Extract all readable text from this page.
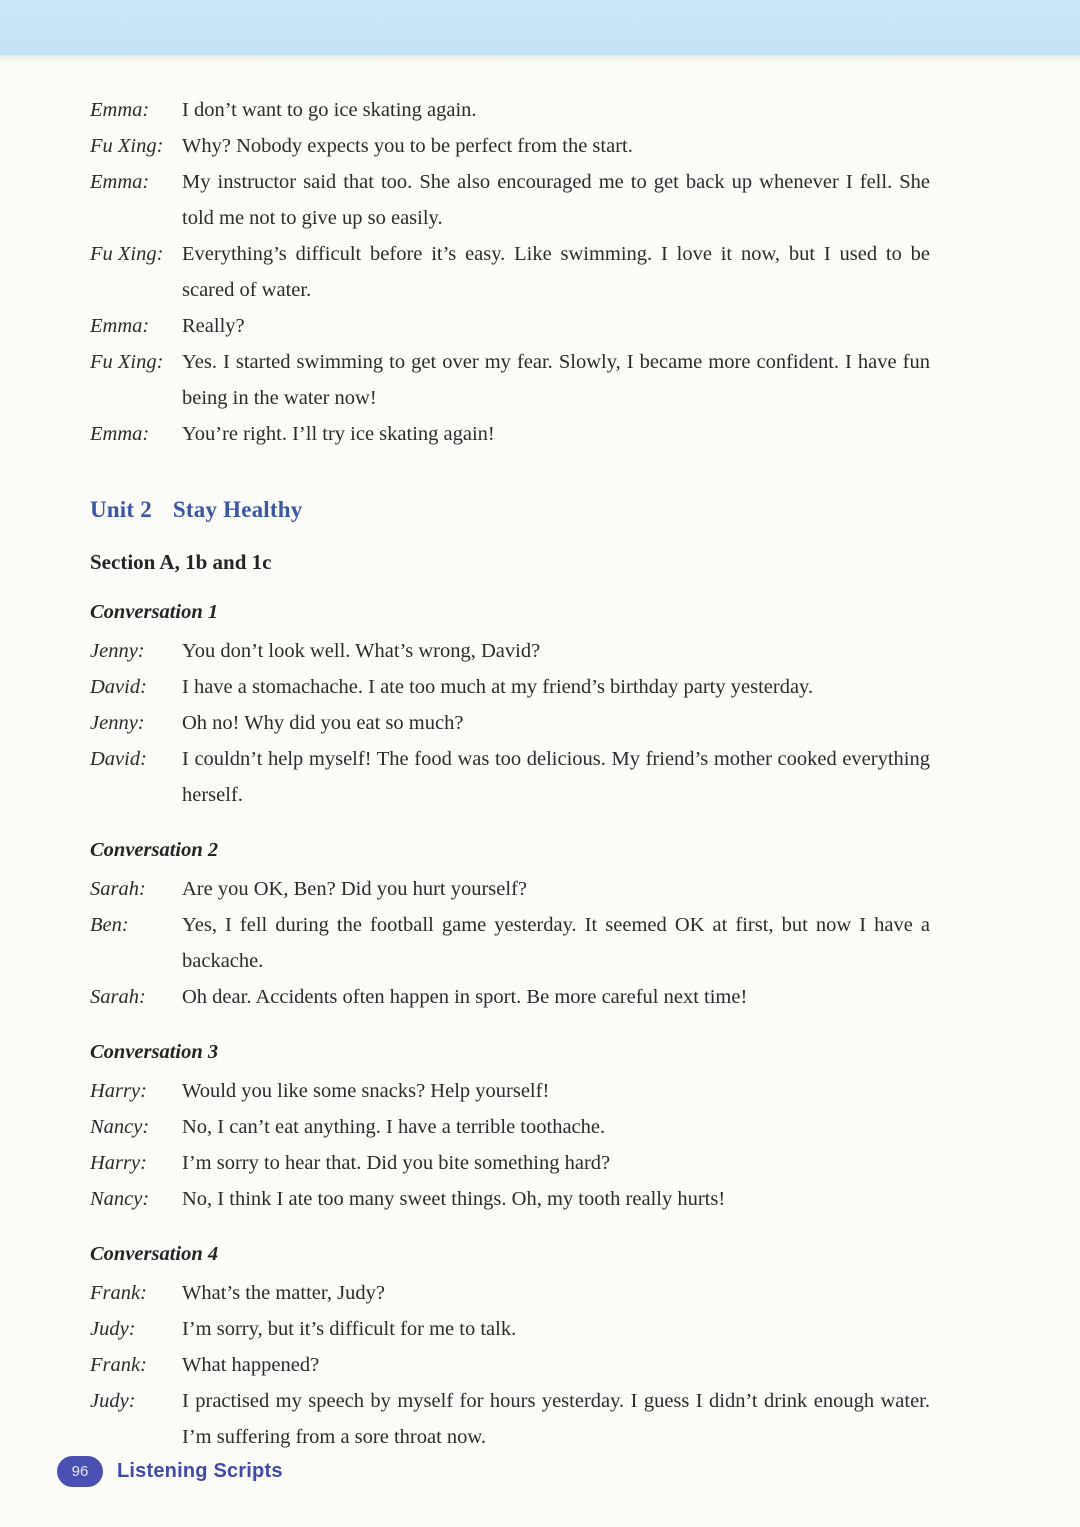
Emma:	I don’t want to go ice skating again.
Fu Xing: Why? Nobody expects you to be perfect from the start.
Emma:	My instructor said that too. She also encouraged me to get back up whenever I fell. She told me not to give up so easily.
Fu Xing: Everything’s difficult before it’s easy. Like swimming. I love it now, but I used to be scared of water.
Emma:	Really?
Fu Xing: Yes. I started swimming to get over my fear. Slowly, I became more confident. I have fun being in the water now!
Emma:	You’re right. I’ll try ice skating again!
Unit 2 Stay Healthy
Section A, 1b and 1c
Conversation 1
Jenny:	You don’t look well. What’s wrong, David?
David:	I have a stomachache. I ate too much at my friend’s birthday party yesterday.
Jenny:	Oh no! Why did you eat so much?
David:	I couldn’t help myself! The food was too delicious. My friend’s mother cooked everything herself.
Conversation 2
Sarah:	Are you OK, Ben? Did you hurt yourself?
Ben:	Yes, I fell during the football game yesterday. It seemed OK at first, but now I have a backache.
Sarah:	Oh dear. Accidents often happen in sport. Be more careful next time!
Conversation 3
Harry:	Would you like some snacks? Help yourself!
Nancy:	No, I can’t eat anything. I have a terrible toothache.
Harry:	I’m sorry to hear that. Did you bite something hard?
Nancy:	No, I think I ate too many sweet things. Oh, my tooth really hurts!
Conversation 4
Frank:	What’s the matter, Judy?
Judy:	I’m sorry, but it’s difficult for me to talk.
Frank:	What happened?
Judy:	I practised my speech by myself for hours yesterday. I guess I didn’t drink enough water. I’m suffering from a sore throat now.
96	Listening Scripts
